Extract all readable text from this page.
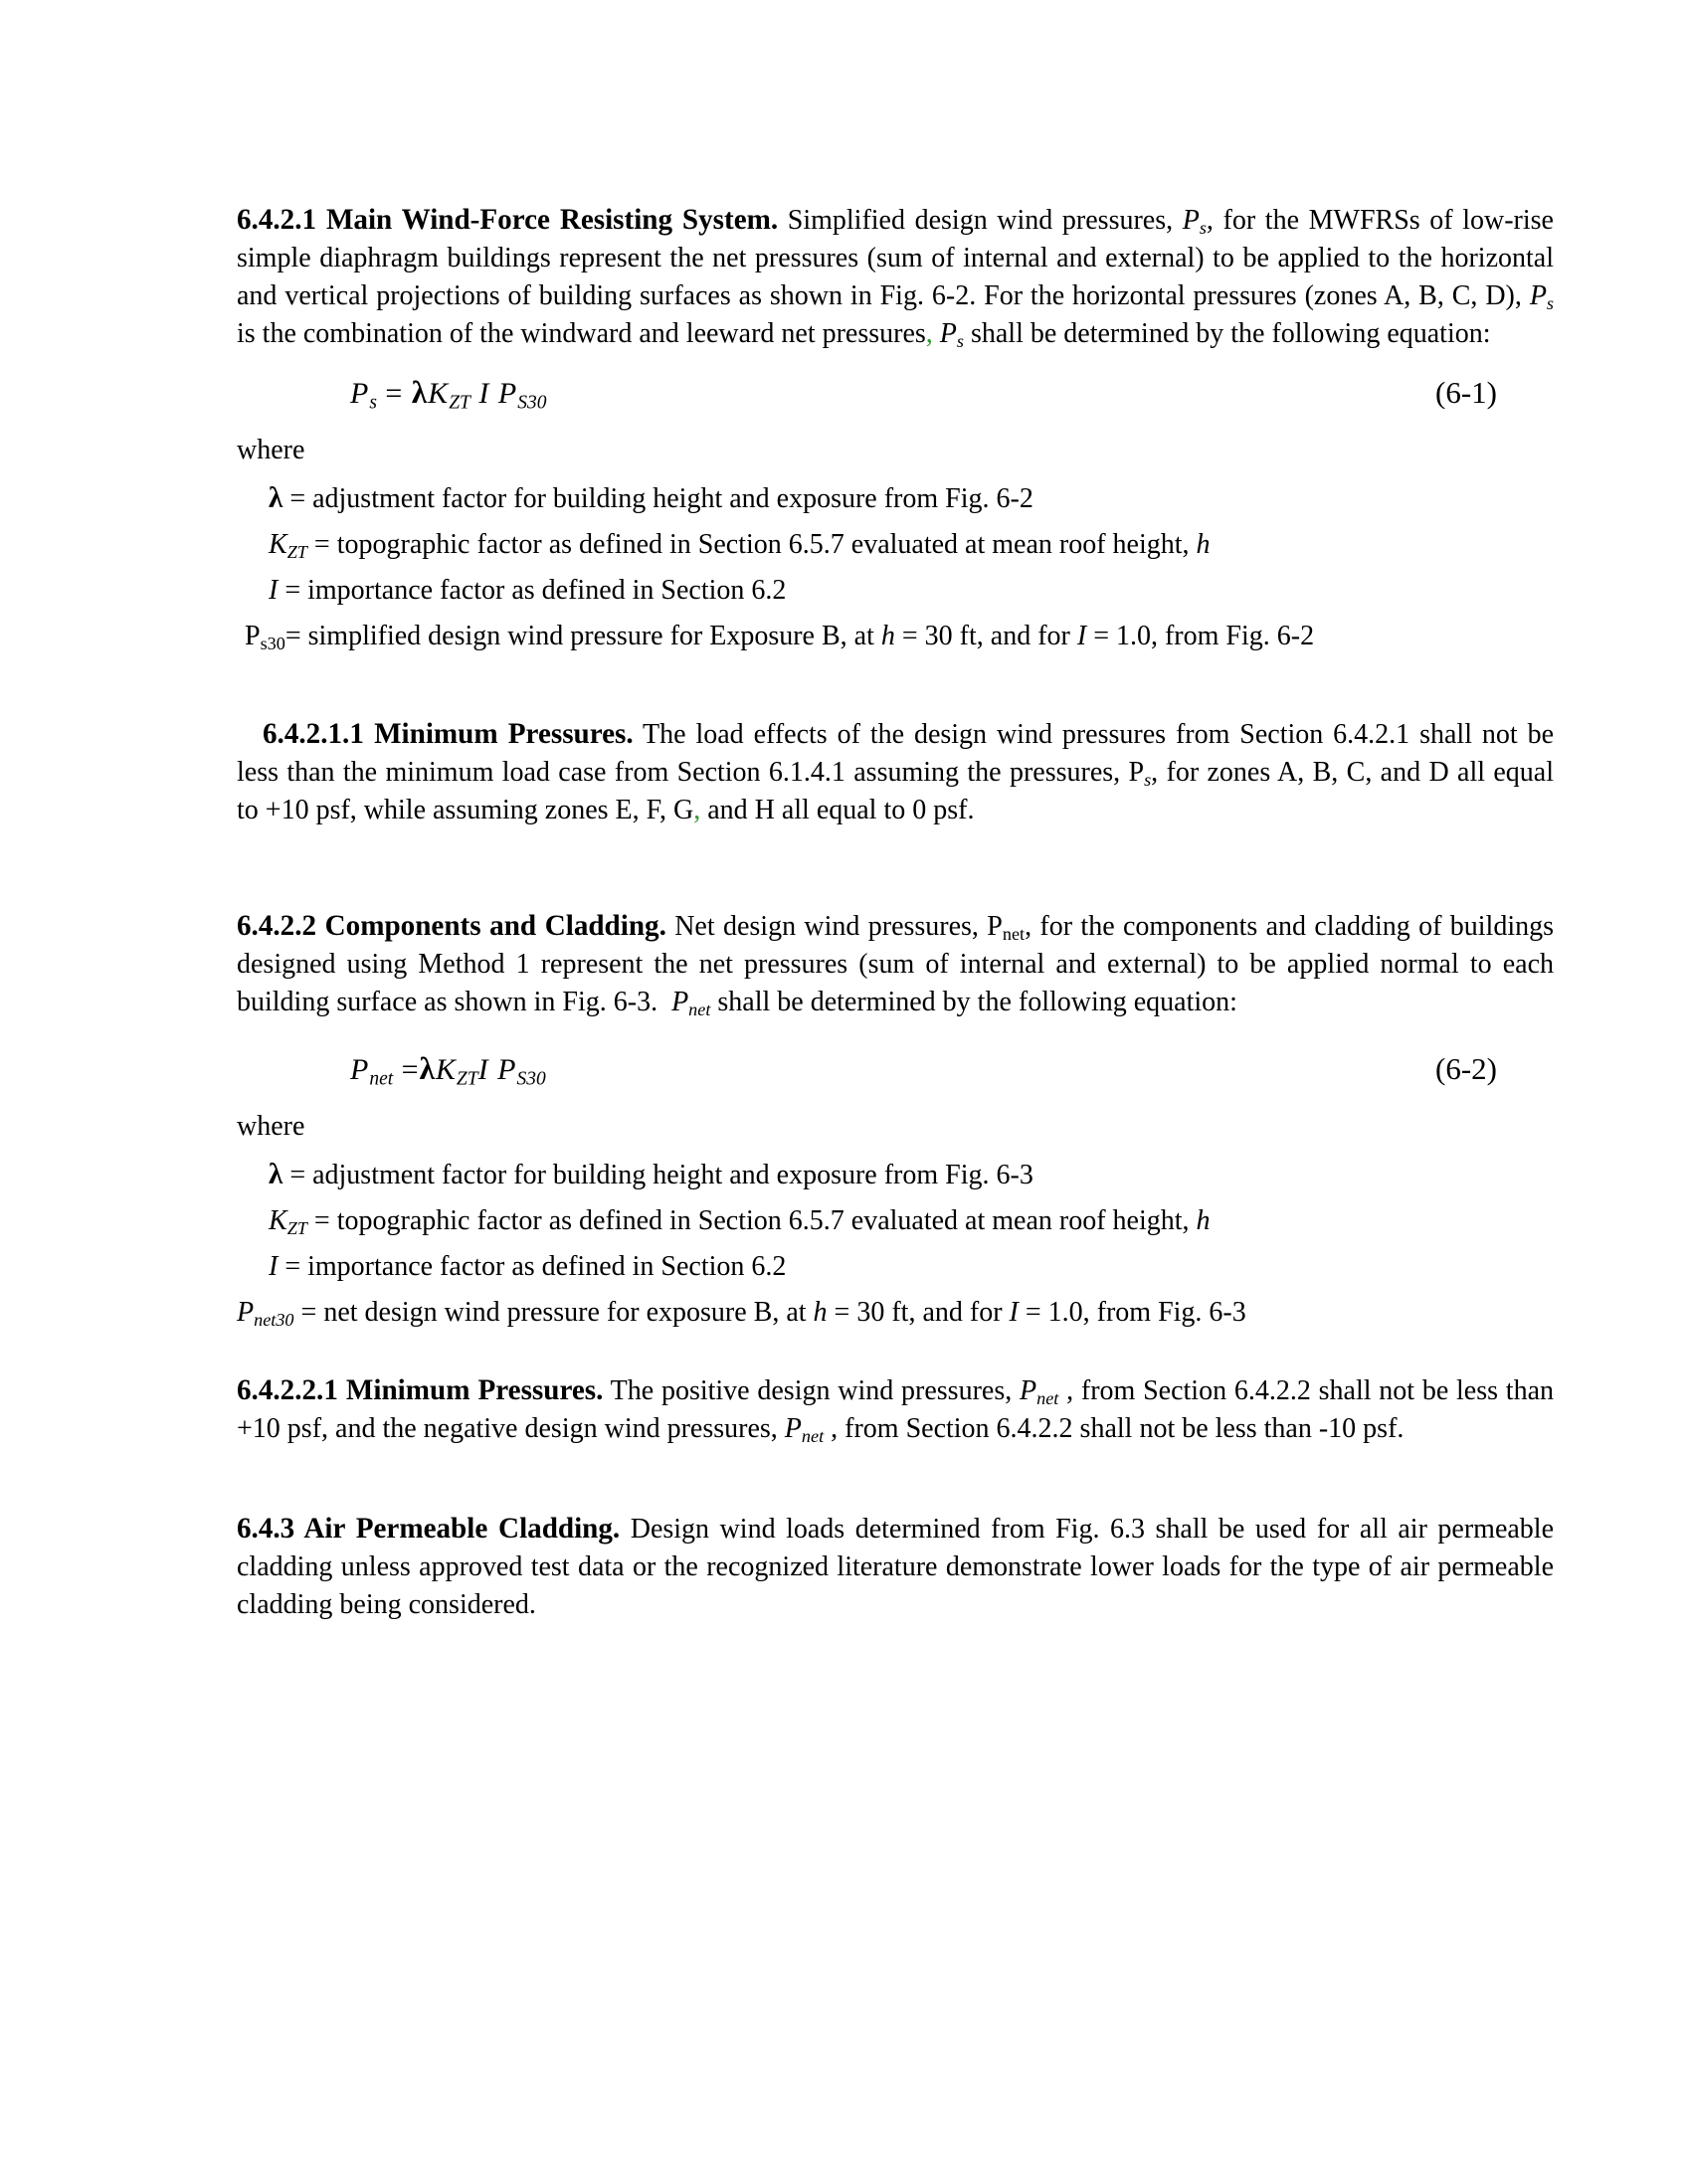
6.4.2.1 Main Wind-Force Resisting System. Simplified design wind pressures, Ps, for the MWFRSs of low-rise simple diaphragm buildings represent the net pressures (sum of internal and external) to be applied to the horizontal and vertical projections of building surfaces as shown in Fig. 6-2. For the horizontal pressures (zones A, B, C, D), Ps is the combination of the windward and leeward net pressures, Ps shall be determined by the following equation:

Ps = λKZT I PS30	(6-1)

where

λ = adjustment factor for building height and exposure from Fig. 6-2

KZT = topographic factor as defined in Section 6.5.7 evaluated at mean roof height, h

I = importance factor as defined in Section 6.2

Ps30= simplified design wind pressure for Exposure B, at h = 30 ft, and for I = 1.0, from Fig. 6-2

6.4.2.1.1 Minimum Pressures. The load effects of the design wind pressures from Section 6.4.2.1 shall not be less than the minimum load case from Section 6.1.4.1 assuming the pressures, Ps, for zones A, B, C, and D all equal to +10 psf, while assuming zones E, F, G, and H all equal to 0 psf.

6.4.2.2 Components and Cladding. Net design wind pressures, Pnet, for the components and cladding of buildings designed using Method 1 represent the net pressures (sum of internal and external) to be applied normal to each building surface as shown in Fig. 6-3.  Pnet shall be determined by the following equation:

Pnet =λKZTI PS30	(6-2)

where

λ = adjustment factor for building height and exposure from Fig. 6-3

KZT = topographic factor as defined in Section 6.5.7 evaluated at mean roof height, h

I = importance factor as defined in Section 6.2

Pnet30 = net design wind pressure for exposure B, at h = 30 ft, and for I = 1.0, from Fig. 6-3

6.4.2.2.1 Minimum Pressures. The positive design wind pressures, Pnet , from Section 6.4.2.2 shall not be less than +10 psf, and the negative design wind pressures, Pnet , from Section 6.4.2.2 shall not be less than -10 psf.

6.4.3 Air Permeable Cladding. Design wind loads determined from Fig. 6.3 shall be used for all air permeable cladding unless approved test data or the recognized literature demonstrate lower loads for the type of air permeable cladding being considered.
